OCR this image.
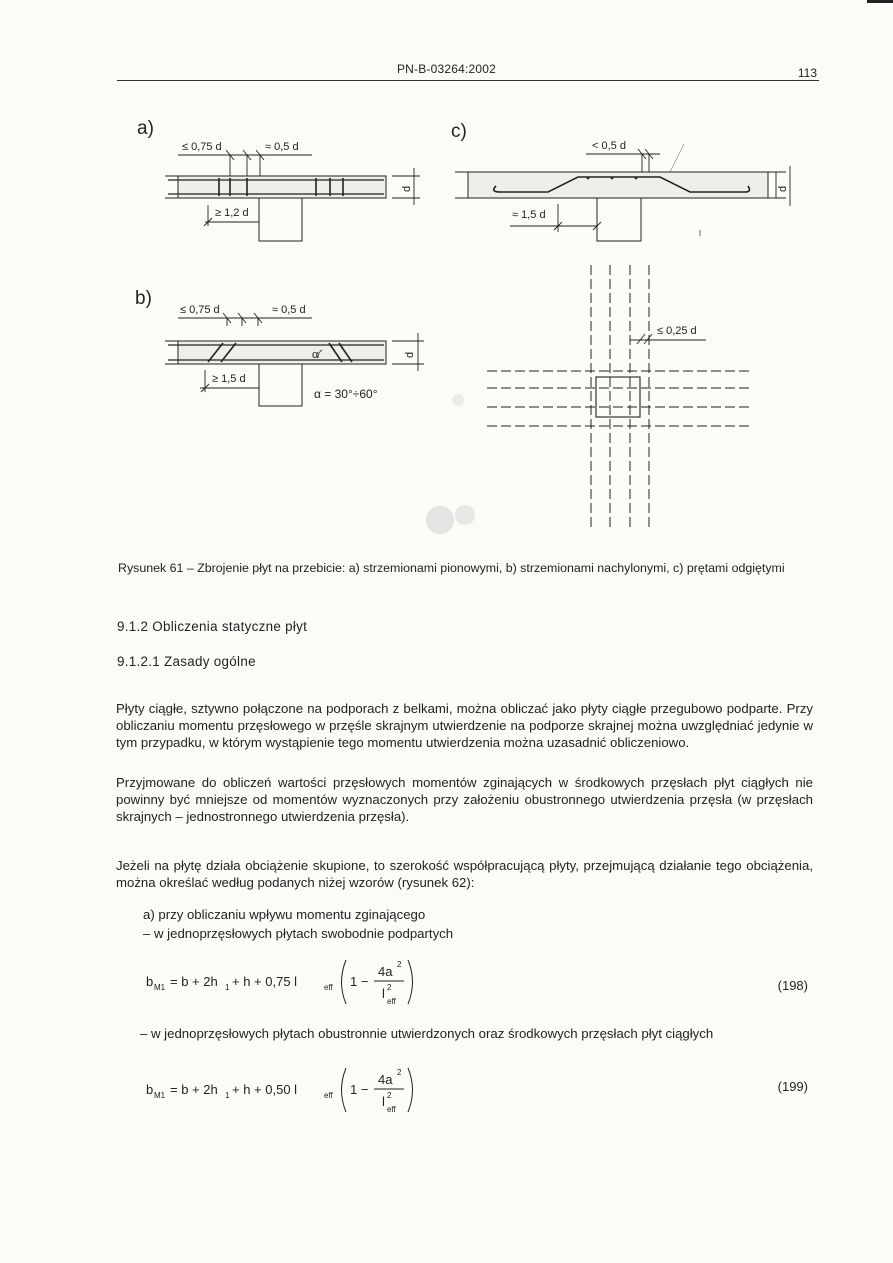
PN-B-03264:2002	113
a)
≤ 0,75 d	≈ 0,5 d
≥ 1,2 d
d
b)
≤ 0,75 d	≈ 0,5 d
α
≥ 1,5 d
α = 30°÷60°
d
c)
< 0,5 d
≈ 1,5 d
d
≤ 0,25 d
Rysunek 61 – Zbrojenie płyt na przebicie: a) strzemionami pionowymi, b) strzemionami nachylonymi, c) prętami odgiętymi
9.1.2 Obliczenia statyczne płyt
9.1.2.1 Zasady ogólne

Płyty ciągłe, sztywno połączone na podporach z belkami, można obliczać jako płyty ciągłe przegubowo podparte. Przy obliczaniu momentu przęsłowego w przęśle skrajnym utwierdzenie na podporze skrajnej można uwzględniać jedynie w tym przypadku, w którym wystąpienie tego momentu utwierdzenia można uzasadnić obliczeniowo.

Przyjmowane do obliczeń wartości przęsłowych momentów zginających w środkowych przęsłach płyt ciągłych nie powinny być mniejsze od momentów wyznaczonych przy założeniu obustronnego utwierdzenia przęsła (w przęsłach skrajnych – jednostronnego utwierdzenia przęsła).

Jeżeli na płytę działa obciążenie skupione, to szerokość współpracującą płyty, przejmującą działanie tego obciążenia, można określać według podanych niżej wzorów (rysunek 62):

a) przy obliczaniu wpływu momentu zginającego
– w jednoprzęsłowych płytach swobodnie podpartych
b M1 = b + 2h 1 + h + 0,75 l	eff 1 −
4a 2
l 2
eff
(198)
– w jednoprzęsłowych płytach obustronnie utwierdzonych oraz środkowych przęsłach płyt ciągłych
b M1 = b + 2h 1 + h + 0,50 l	eff 1 −
4a 2
l 2
eff
(199)
